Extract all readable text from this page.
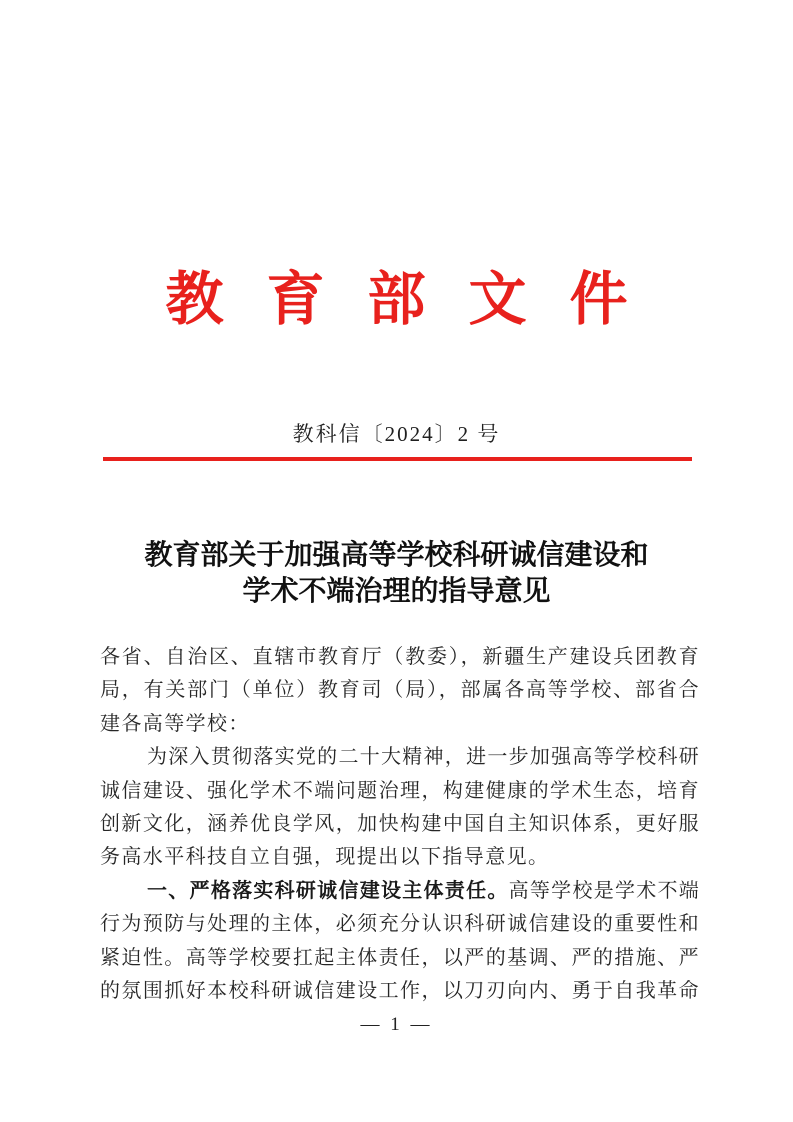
教育部文件
教科信〔2024〕2 号
教育部关于加强高等学校科研诚信建设和
学术不端治理的指导意见
各省、自治区、直辖市教育厅（教委），新疆生产建设兵团教育
局，有关部门（单位）教育司（局），部属各高等学校、部省合
建各高等学校：
为深入贯彻落实党的二十大精神，进一步加强高等学校科研
诚信建设、强化学术不端问题治理，构建健康的学术生态，培育
创新文化，涵养优良学风，加快构建中国自主知识体系，更好服
务高水平科技自立自强，现提出以下指导意见。
一、严格落实科研诚信建设主体责任。高等学校是学术不端
行为预防与处理的主体，必须充分认识科研诚信建设的重要性和
紧迫性。高等学校要扛起主体责任，以严的基调、严的措施、严
的氛围抓好本校科研诚信建设工作，以刀刃向内、勇于自我革命
— 1 —
